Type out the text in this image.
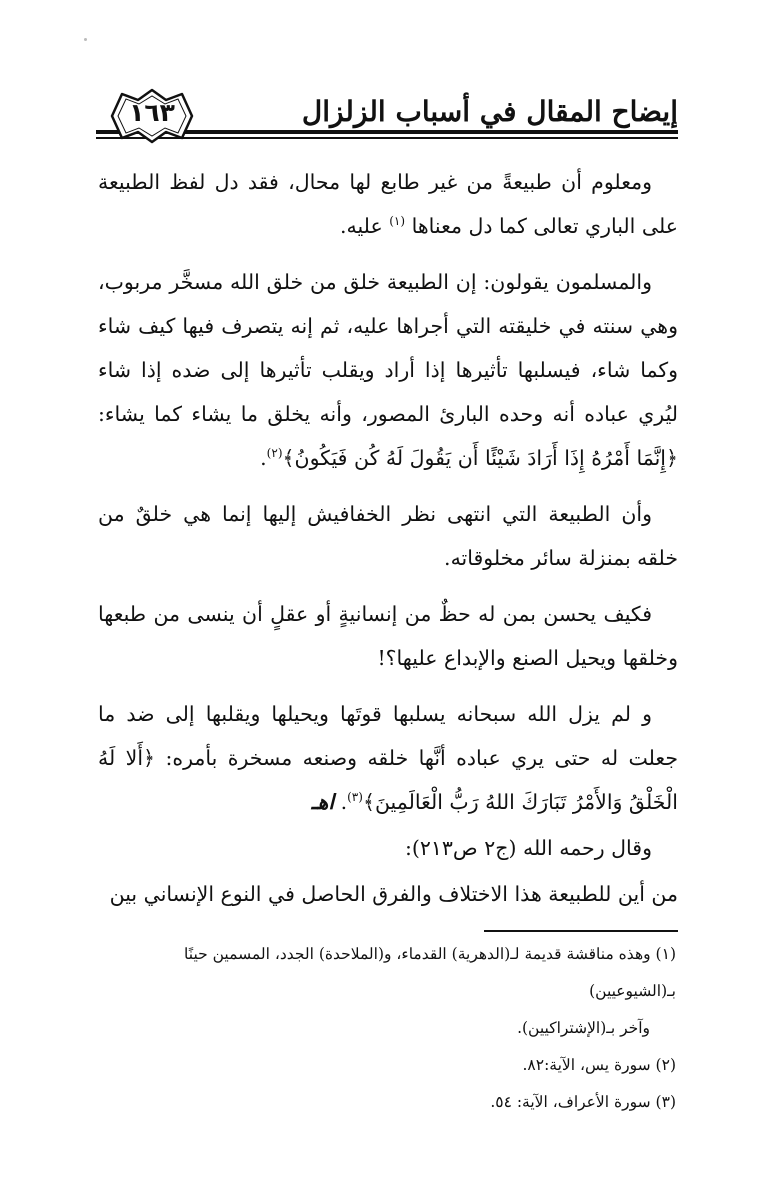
إيضاح المقال في أسباب الزلزال
١٦٣

ومعلوم أن طبيعةً من غير طابع لها محال، فقد دل لفظ الطبيعة على الباري تعالى كما دل معناها $^{(١)}$ عليه.

والمسلمون يقولون: إن الطبيعة خلق من خلق الله مسخَّر مربوب، وهي سنته في خليقته التي أجراها عليه، ثم إنه يتصرف فيها كيف شاء وكما شاء، فيسلبها تأثيرها إذا أراد ويقلب تأثيرها إلى ضده إذا شاء ليُري عباده أنه وحده البارئ المصور، وأنه يخلق ما يشاء كما يشاء: ﴿إِنَّمَا أَمْرُهُ إِذَا أَرَادَ شَيْئًا أَن يَقُولَ لَهُ كُن فَيَكُونُ﴾$^{(٢)}$.

وأن الطبيعة التي انتهى نظر الخفافيش إليها إنما هي خلقٌ من خلقه بمنزلة سائر مخلوقاته.

فكيف يحسن بمن له حظٌ من إنسانيةٍ أو عقلٍ أن ينسى من طبعها وخلقها ويحيل الصنع والإبداع عليها؟!

و لم يزل الله سبحانه يسلبها قوتَها ويحيلها ويقلبها إلى ضد ما جعلت له حتى يري عباده أنَّها خلقه وصنعه مسخرة بأمره: ﴿أَلا لَهُ الْخَلْقُ وَالأَمْرُ تَبَارَكَ اللهُ رَبُّ الْعَالَمِينَ﴾$^{(٣)}$. اهـ

وقال رحمه الله (ج٢ ص٢١٣):

من أين للطبيعة هذا الاختلاف والفرق الحاصل في النوع الإنساني بين

(١) وهذه مناقشة قديمة لـ(الدهرية) القدماء، و(الملاحدة) الجدد، المسمين حينًا بـ(الشيوعيين)

وآخر بـ(الإشتراكيين).

(٢) سورة يس، الآية:٨٢.

(٣) سورة الأعراف، الآية: ٥٤.
